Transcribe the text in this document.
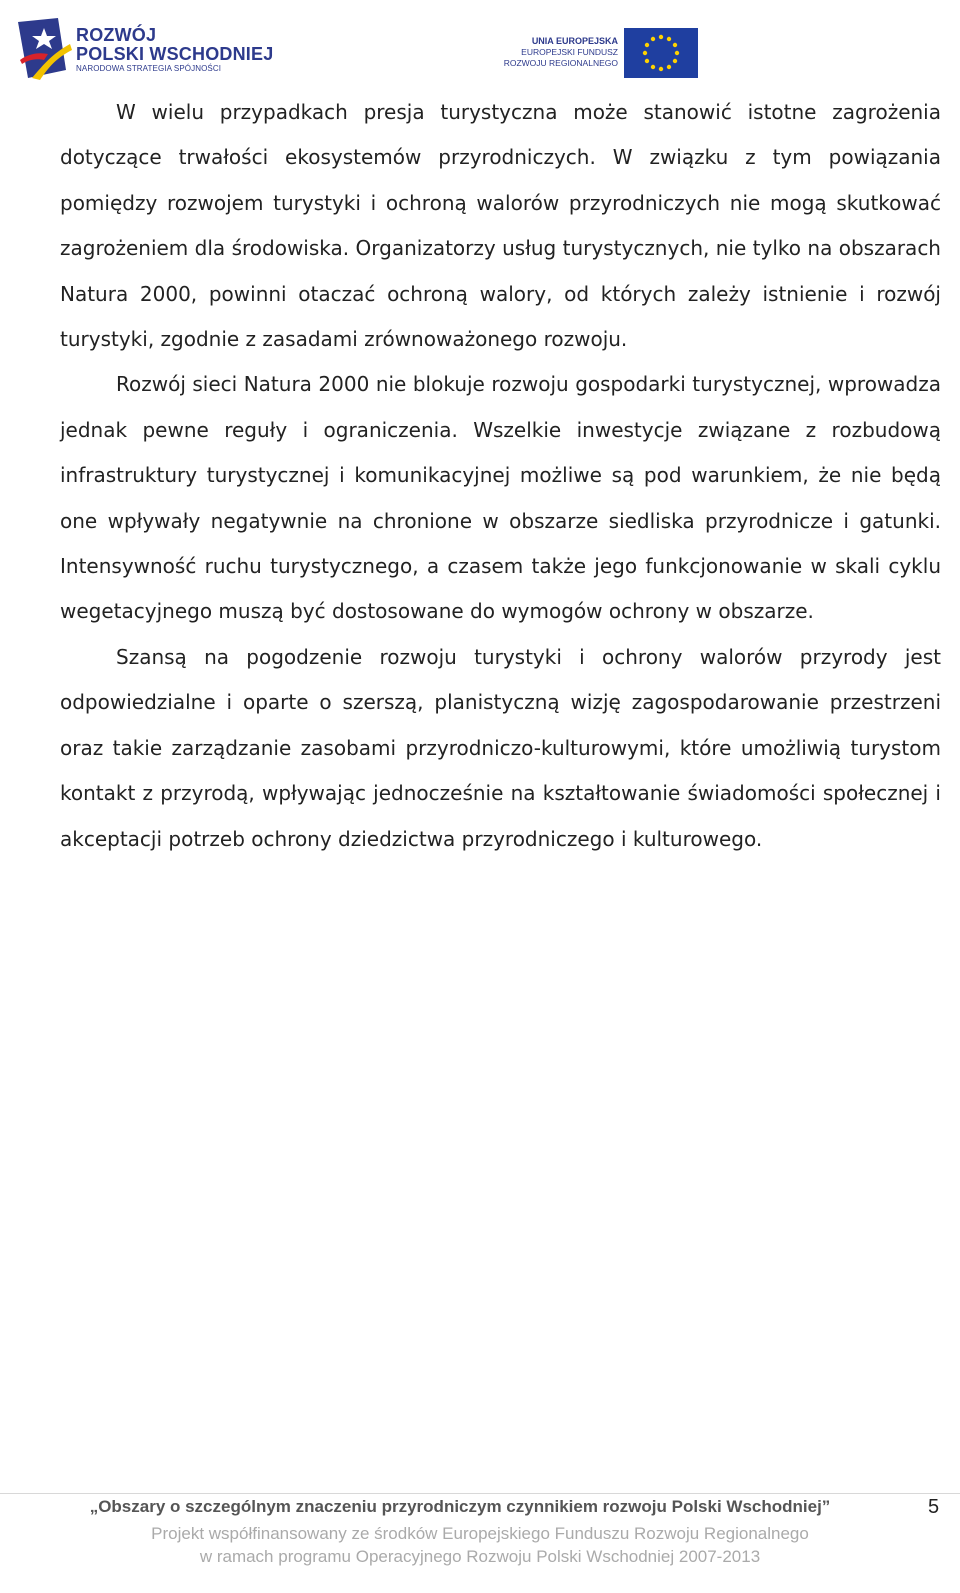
ROZWÓJ
POLSKI WSCHODNIEJ
NARODOWA STRATEGIA SPÓJNOŚCI
UNIA EUROPEJSKA
EUROPEJSKI FUNDUSZ
ROZWOJU REGIONALNEGO

W wielu przypadkach presja turystyczna może stanowić istotne zagrożenia dotyczące trwałości ekosystemów przyrodniczych. W związku z tym powiązania pomiędzy rozwojem turystyki i ochroną walorów przyrodniczych nie mogą skutkować zagrożeniem dla środowiska. Organizatorzy usług turystycznych, nie tylko na obszarach Natura 2000, powinni otaczać ochroną walory, od których zależy istnienie i rozwój turystyki, zgodnie z zasadami zrównoważonego rozwoju.

Rozwój sieci Natura 2000 nie blokuje rozwoju gospodarki turystycznej, wprowadza jednak pewne reguły i ograniczenia. Wszelkie inwestycje związane z rozbudową infrastruktury turystycznej i komunikacyjnej możliwe są pod warunkiem, że nie będą one wpływały negatywnie na chronione w obszarze siedliska przyrodnicze i gatunki. Intensywność ruchu turystycznego, a czasem także jego funkcjonowanie w skali cyklu wegetacyjnego muszą być dostosowane do wymogów ochrony w obszarze.

Szansą na pogodzenie rozwoju turystyki i ochrony walorów przyrody jest odpowiedzialne i oparte o szerszą, planistyczną wizję zagospodarowanie przestrzeni oraz takie zarządzanie zasobami przyrodniczo-kulturowymi, które umożliwią turystom kontakt z przyrodą, wpływając jednocześnie na kształtowanie świadomości społecznej i akceptacji potrzeb ochrony dziedzictwa przyrodniczego i kulturowego.

„Obszary o szczególnym znaczeniu przyrodniczym czynnikiem rozwoju Polski Wschodniej”	5
Projekt współfinansowany ze środków Europejskiego Funduszu Rozwoju Regionalnego
w ramach programu Operacyjnego Rozwoju Polski Wschodniej 2007-2013
